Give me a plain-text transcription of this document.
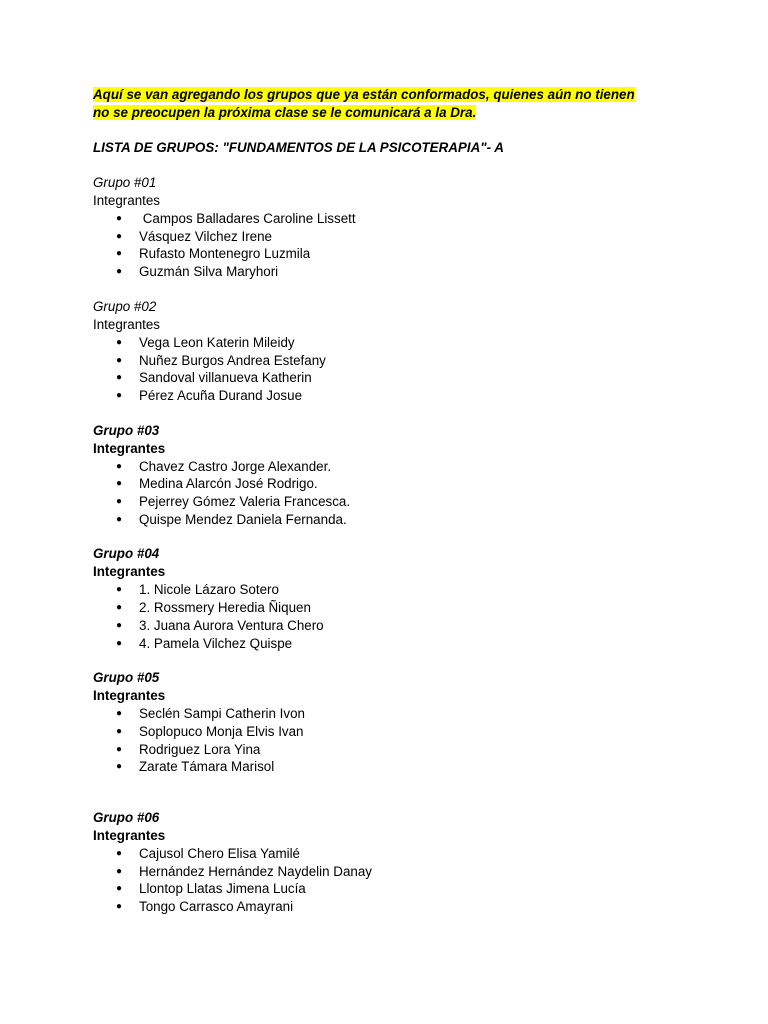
Aquí se van agregando los grupos que ya están conformados, quienes aún no tienen
no se preocupen la próxima clase se le comunicará a la Dra.

LISTA DE GRUPOS: "FUNDAMENTOS DE LA PSICOTERAPIA"- A

Grupo #01

Integrantes

● Campos Balladares Caroline Lissett
● Vásquez Vilchez Irene
● Rufasto Montenegro Luzmila
● Guzmán Silva Maryhori

Grupo #02

Integrantes

● Vega Leon Katerin Mileidy
● Nuñez Burgos Andrea Estefany
● Sandoval villanueva Katherin
● Pérez Acuña Durand Josue

Grupo #03

Integrantes

● Chavez Castro Jorge Alexander.
● Medina Alarcón José Rodrigo.
● Pejerrey Gómez Valeria Francesca.
● Quispe Mendez Daniela Fernanda.

Grupo #04

Integrantes

● 1. Nicole Lázaro Sotero
● 2. Rossmery Heredia Ñiquen
● 3. Juana Aurora Ventura Chero
● 4. Pamela Vilchez Quispe

Grupo #05

Integrantes

● Seclén Sampi Catherin Ivon
● Soplopuco Monja Elvis Ivan
● Rodriguez Lora Yina
● Zarate Támara Marisol

Grupo #06

Integrantes

● Cajusol Chero Elisa Yamilé
● Hernández Hernández Naydelin Danay
● Llontop Llatas Jimena Lucía
● Tongo Carrasco Amayrani
